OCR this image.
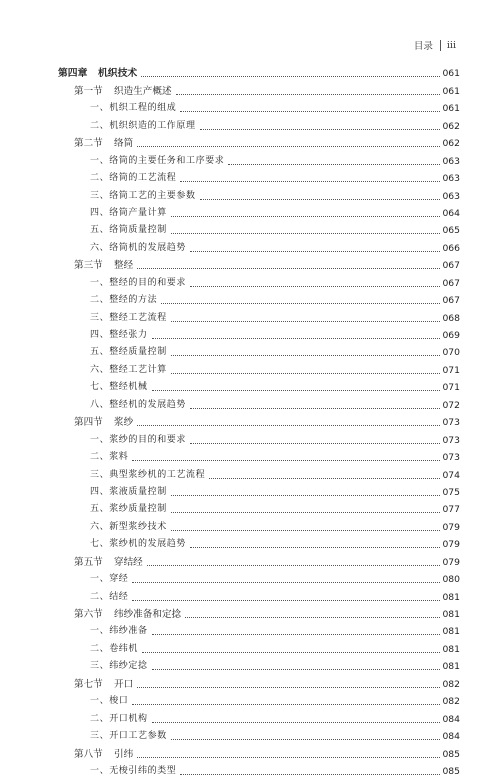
目录 iii
第四章 机织技术	061
第一节 织造生产概述	061
一、机织工程的组成	061
二、机织织造的工作原理	062
第二节 络筒	062
一、络筒的主要任务和工序要求	063
二、络筒的工艺流程	063
三、络筒工艺的主要参数	063
四、络筒产量计算	064
五、络筒质量控制	065
六、络筒机的发展趋势	066
第三节 整经	067
一、整经的目的和要求	067
二、整经的方法	067
三、整经工艺流程	068
四、整经张力	069
五、整经质量控制	070
六、整经工艺计算	071
七、整经机械	071
八、整经机的发展趋势	072
第四节 浆纱	073
一、浆纱的目的和要求	073
二、浆料	073
三、典型浆纱机的工艺流程	074
四、浆液质量控制	075
五、浆纱质量控制	077
六、新型浆纱技术	079
七、浆纱机的发展趋势	079
第五节 穿结经	079
一、穿经	080
二、结经	081
第六节 纬纱准备和定捻	081
一、纬纱准备	081
二、卷纬机	081
三、纬纱定捻	081
第七节 开口	082
一、梭口	082
二、开口机构	084
三、开口工艺参数	084
第八节 引纬	085
一、无梭引纬的类型	085
